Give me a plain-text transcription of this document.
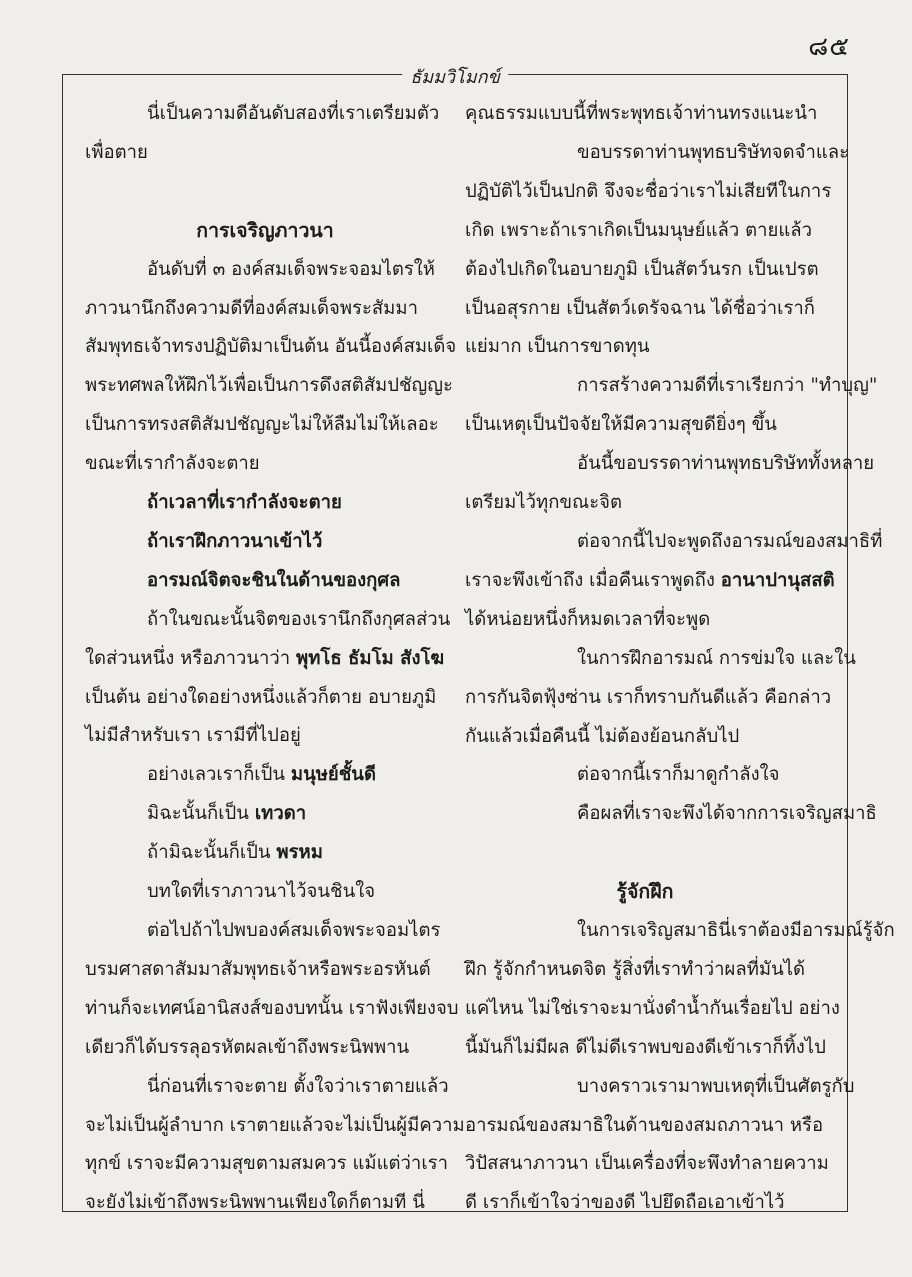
๘๕
ธัมมวิโมกข์

นี่เป็นความดีอันดับสองที่เราเตรียมตัว

เพื่อตาย

การเจริญภาวนา

อันดับที่ ๓ องค์สมเด็จพระจอมไตรให้

ภาวนานึกถึงความดีที่องค์สมเด็จพระสัมมา

สัมพุทธเจ้าทรงปฏิบัติมาเป็นต้น อันนี้องค์สมเด็จ

พระทศพลให้ฝึกไว้เพื่อเป็นการดึงสติสัมปชัญญะ

เป็นการทรงสติสัมปชัญญะไม่ให้ลืมไม่ให้เลอะ

ขณะที่เรากำลังจะตาย

ถ้าเวลาที่เรากำลังจะตาย

ถ้าเราฝึกภาวนาเข้าไว้

อารมณ์จิตจะชินในด้านของกุศล

ถ้าในขณะนั้นจิตของเรานึกถึงกุศลส่วน

ใดส่วนหนึ่ง หรือภาวนาว่า พุทโธ ธัมโม สังโฆ

เป็นต้น อย่างใดอย่างหนึ่งแล้วก็ตาย อบายภูมิ

ไม่มีสำหรับเรา เรามีที่ไปอยู่

อย่างเลวเราก็เป็น มนุษย์ชั้นดี

มิฉะนั้นก็เป็น เทวดา

ถ้ามิฉะนั้นก็เป็น พรหม

บทใดที่เราภาวนาไว้จนชินใจ

ต่อไปถ้าไปพบองค์สมเด็จพระจอมไตร

บรมศาสดาสัมมาสัมพุทธเจ้าหรือพระอรหันต์

ท่านก็จะเทศน์อานิสงส์ของบทนั้น เราฟังเพียงจบ

เดียวก็ได้บรรลุอรหัตผลเข้าถึงพระนิพพาน

นี่ก่อนที่เราจะตาย ตั้งใจว่าเราตายแล้ว

จะไม่เป็นผู้ลำบาก เราตายแล้วจะไม่เป็นผู้มีความ

ทุกข์ เราจะมีความสุขตามสมควร แม้แต่ว่าเรา

จะยังไม่เข้าถึงพระนิพพานเพียงใดก็ตามที นี่

คุณธรรมแบบนี้ที่พระพุทธเจ้าท่านทรงแนะนำ

ขอบรรดาท่านพุทธบริษัทจดจำและ

ปฏิบัติไว้เป็นปกติ จึงจะชื่อว่าเราไม่เสียทีในการ

เกิด เพราะถ้าเราเกิดเป็นมนุษย์แล้ว ตายแล้ว

ต้องไปเกิดในอบายภูมิ เป็นสัตว์นรก เป็นเปรต

เป็นอสุรกาย เป็นสัตว์เดรัจฉาน ได้ชื่อว่าเราก็

แย่มาก เป็นการขาดทุน

การสร้างความดีที่เราเรียกว่า "ทำบุญ"

เป็นเหตุเป็นปัจจัยให้มีความสุขดียิ่งๆ ขึ้น

อันนี้ขอบรรดาท่านพุทธบริษัททั้งหลาย

เตรียมไว้ทุกขณะจิต

ต่อจากนี้ไปจะพูดถึงอารมณ์ของสมาธิที่

เราจะพึงเข้าถึง เมื่อคืนเราพูดถึง อานาปานุสสติ

ได้หน่อยหนึ่งก็หมดเวลาที่จะพูด

ในการฝึกอารมณ์ การข่มใจ และใน

การกันจิตฟุ้งซ่าน เราก็ทราบกันดีแล้ว คือกล่าว

กันแล้วเมื่อคืนนี้ ไม่ต้องย้อนกลับไป

ต่อจากนี้เราก็มาดูกำลังใจ

คือผลที่เราจะพึงได้จากการเจริญสมาธิ

รู้จักฝึก

ในการเจริญสมาธินี่เราต้องมีอารมณ์รู้จัก

ฝึก รู้จักกำหนดจิต รู้สิ่งที่เราทำว่าผลที่มันได้

แค่ไหน ไม่ใช่เราจะมานั่งดำน้ำกันเรื่อยไป อย่าง

นี้มันก็ไม่มีผล ดีไม่ดีเราพบของดีเข้าเราก็ทิ้งไป

บางคราวเรามาพบเหตุที่เป็นศัตรูกับ

อารมณ์ของสมาธิในด้านของสมถภาวนา หรือ

วิปัสสนาภาวนา เป็นเครื่องที่จะพึงทำลายความ

ดี เราก็เข้าใจว่าของดี ไปยึดถือเอาเข้าไว้
